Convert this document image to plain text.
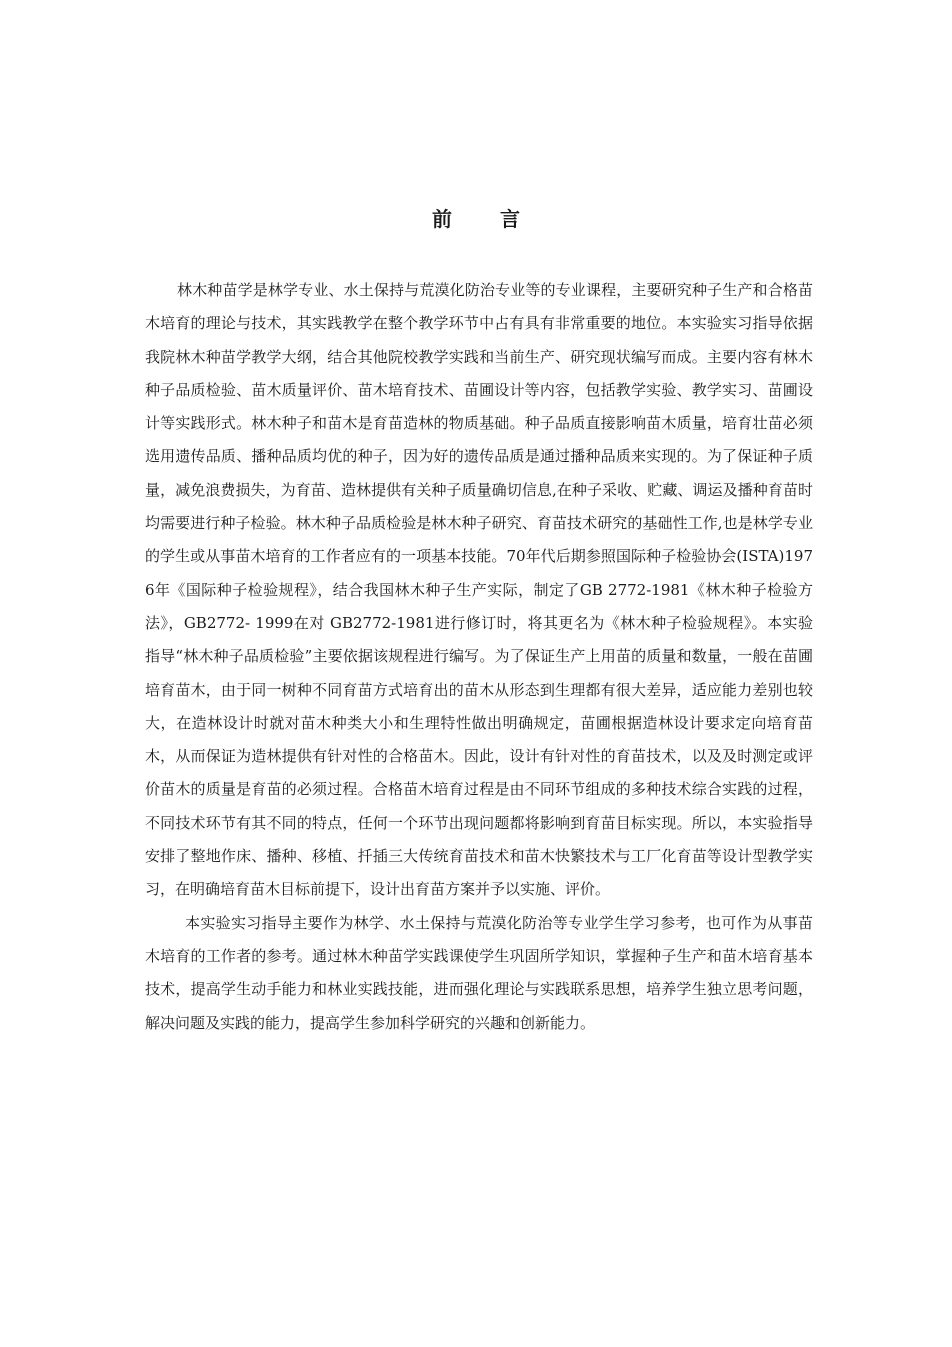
前言

林木种苗学是林学专业、水土保持与荒漠化防治专业等的专业课程，主要研究种子生产和合格苗木培育的理论与技术，其实践教学在整个教学环节中占有具有非常重要的地位。本实验实习指导依据我院林木种苗学教学大纲，结合其他院校教学实践和当前生产、研究现状编写而成。主要内容有林木种子品质检验、苗木质量评价、苗木培育技术、苗圃设计等内容，包括教学实验、教学实习、苗圃设计等实践形式。林木种子和苗木是育苗造林的物质基础。种子品质直接影响苗木质量，培育壮苗必须选用遗传品质、播种品质均优的种子，因为好的遗传品质是通过播种品质来实现的。为了保证种子质量，减免浪费损失，为育苗、造林提供有关种子质量确切信息,在种子采收、贮藏、调运及播种育苗时均需要进行种子检验。林木种子品质检验是林木种子研究、育苗技术研究的基础性工作,也是林学专业的学生或从事苗木培育的工作者应有的一项基本技能。70年代后期参照国际种子检验协会(ISTA)1976年《国际种子检验规程》，结合我国林木种子生产实际，制定了GB 2772-1981《林木种子检验方法》，GB2772- 1999在对 GB2772-1981进行修订时，将其更名为《林木种子检验规程》。本实验指导“林木种子品质检验”主要依据该规程进行编写。为了保证生产上用苗的质量和数量，一般在苗圃培育苗木，由于同一树种不同育苗方式培育出的苗木从形态到生理都有很大差异，适应能力差别也较大，在造林设计时就对苗木种类大小和生理特性做出明确规定，苗圃根据造林设计要求定向培育苗木，从而保证为造林提供有针对性的合格苗木。因此，设计有针对性的育苗技术，以及及时测定或评价苗木的质量是育苗的必须过程。合格苗木培育过程是由不同环节组成的多种技术综合实践的过程，不同技术环节有其不同的特点，任何一个环节出现问题都将影响到育苗目标实现。所以，本实验指导安排了整地作床、播种、移植、扦插三大传统育苗技术和苗木快繁技术与工厂化育苗等设计型教学实习，在明确培育苗木目标前提下，设计出育苗方案并予以实施、评价。

本实验实习指导主要作为林学、水土保持与荒漠化防治等专业学生学习参考，也可作为从事苗木培育的工作者的参考。通过林木种苗学实践课使学生巩固所学知识，掌握种子生产和苗木培育基本技术，提高学生动手能力和林业实践技能，进而强化理论与实践联系思想，培养学生独立思考问题，解决问题及实践的能力，提高学生参加科学研究的兴趣和创新能力。
